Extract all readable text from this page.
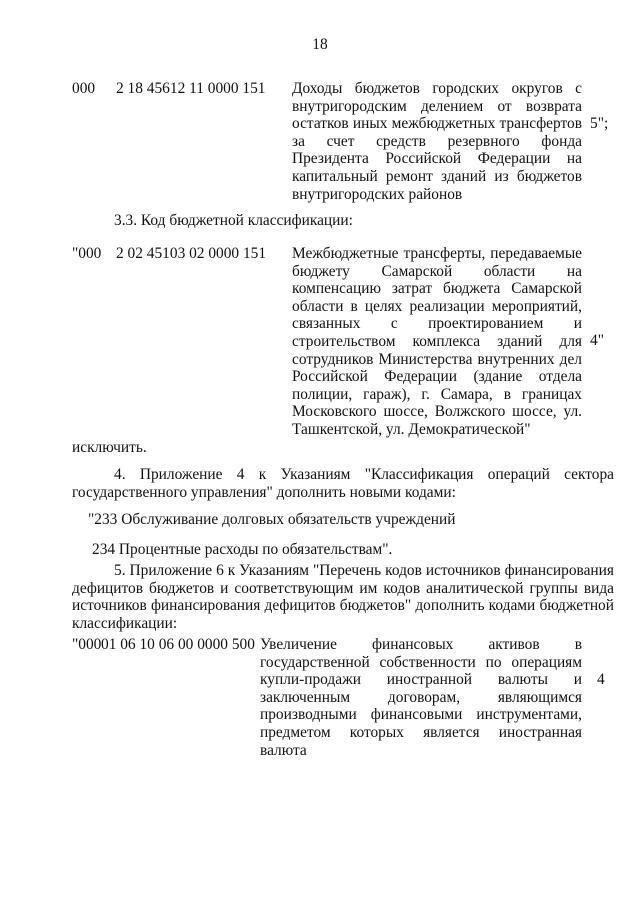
18
000 2 18 45612 11 0000 151 Доходы бюджетов городских округов с внутригородским делением от возврата остатков иных межбюджетных трансфертов за счет средств резервного фонда Президента Российской Федерации на капитальный ремонт зданий из бюджетов внутригородских районов
5";
3.3. Код бюджетной классификации:
"000 2 02 45103 02 0000 151 Межбюджетные трансферты, передаваемые бюджету Самарской области на компенсацию затрат бюджета Самарской области в целях реализации мероприятий, связанных с проектированием и строительством комплекса зданий для сотрудников Министерства внутренних дел Российской Федерации (здание отдела полиции, гараж), г. Самара, в границах Московского шоссе, Волжского шоссе, ул. Ташкентской, ул. Демократической"
4"
исключить.
4. Приложение 4 к Указаниям "Классификация операций сектора государственного управления" дополнить новыми кодами:
"233 Обслуживание долговых обязательств учреждений
234 Процентные расходы по обязательствам".
5. Приложение 6 к Указаниям "Перечень кодов источников финансирования дефицитов бюджетов и соответствующим им кодов аналитической группы вида источников финансирования дефицитов бюджетов" дополнить кодами бюджетной классификации:
"000 01 06 10 06 00 0000 500 Увеличение финансовых активов в государственной собственности по операциям купли-продажи иностранной валюты и заключенным договорам, являющимся производными финансовыми инструментами, предметом которых является иностранная валюта
4
